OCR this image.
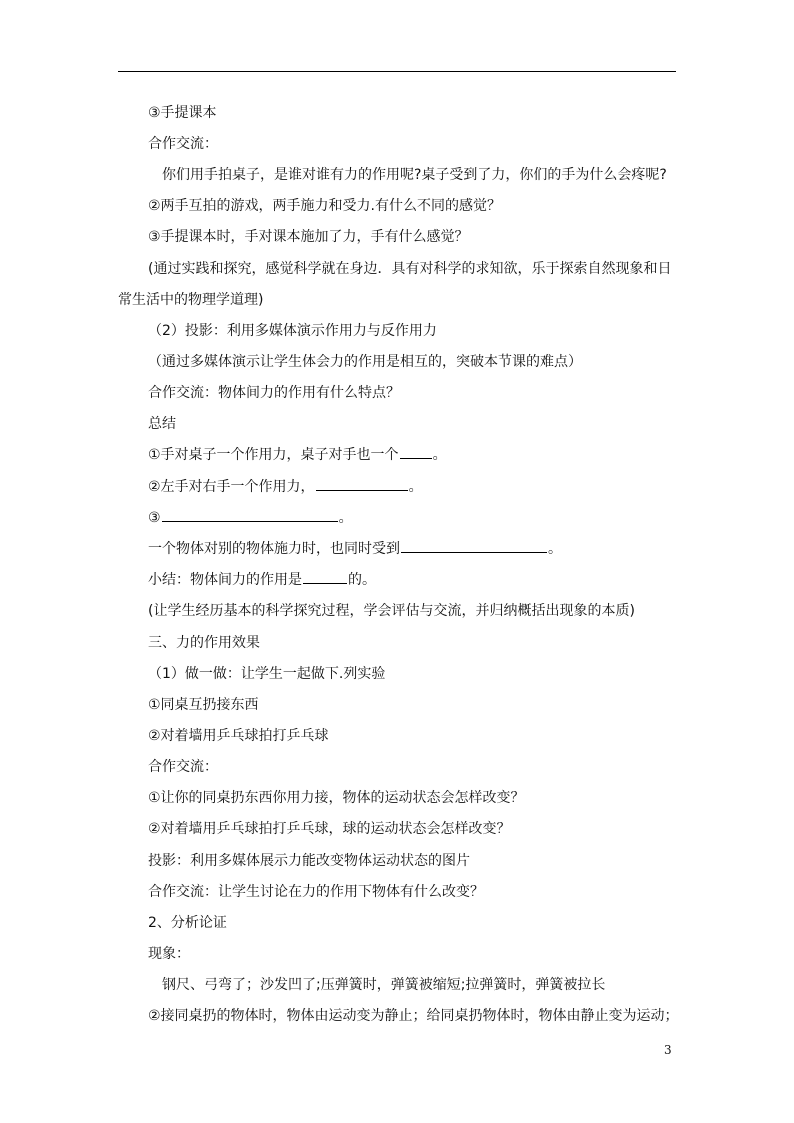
③手提课本
合作交流：
你们用手拍桌子，是谁对谁有力的作用呢?桌子受到了力，你们的手为什么会疼呢?
②两手互拍的游戏，两手施力和受力.有什么不同的感觉？
③手提课本时，手对课本施加了力，手有什么感觉？
(通过实践和探究，感觉科学就在身边．具有对科学的求知欲，乐于探索自然现象和日
常生活中的物理学道理)
（2）投影：利用多媒体演示作用力与反作用力
（通过多媒体演示让学生体会力的作用是相互的，突破本节课的难点）
合作交流：物体间力的作用有什么特点？
总结
①手对桌子一个作用力，桌子对手也一个 。
②左手对右手一个作用力，	。
③	。
一个物体对别的物体施力时，也同时受到	。
小结：物体间力的作用是	的。
(让学生经历基本的科学探究过程，学会评估与交流，并归纳概括出现象的本质)
三、力的作用效果
（1）做一做：让学生一起做下.列实验
①同桌互扔接东西
②对着墙用乒乓球拍打乒乓球
合作交流：
①让你的同桌扔东西你用力接，物体的运动状态会怎样改变？
②对着墙用乒乓球拍打乒乓球，球的运动状态会怎样改变？
投影：利用多媒体展示力能改变物体运动状态的图片
合作交流：让学生讨论在力的作用下物体有什么改变？
2、分析论证
现象：
钢尺、弓弯了；沙发凹了;压弹簧时，弹簧被缩短;拉弹簧时，弹簧被拉长
②接同桌扔的物体时，物体由运动变为静止；给同桌扔物体时，物体由静止变为运动；
3
